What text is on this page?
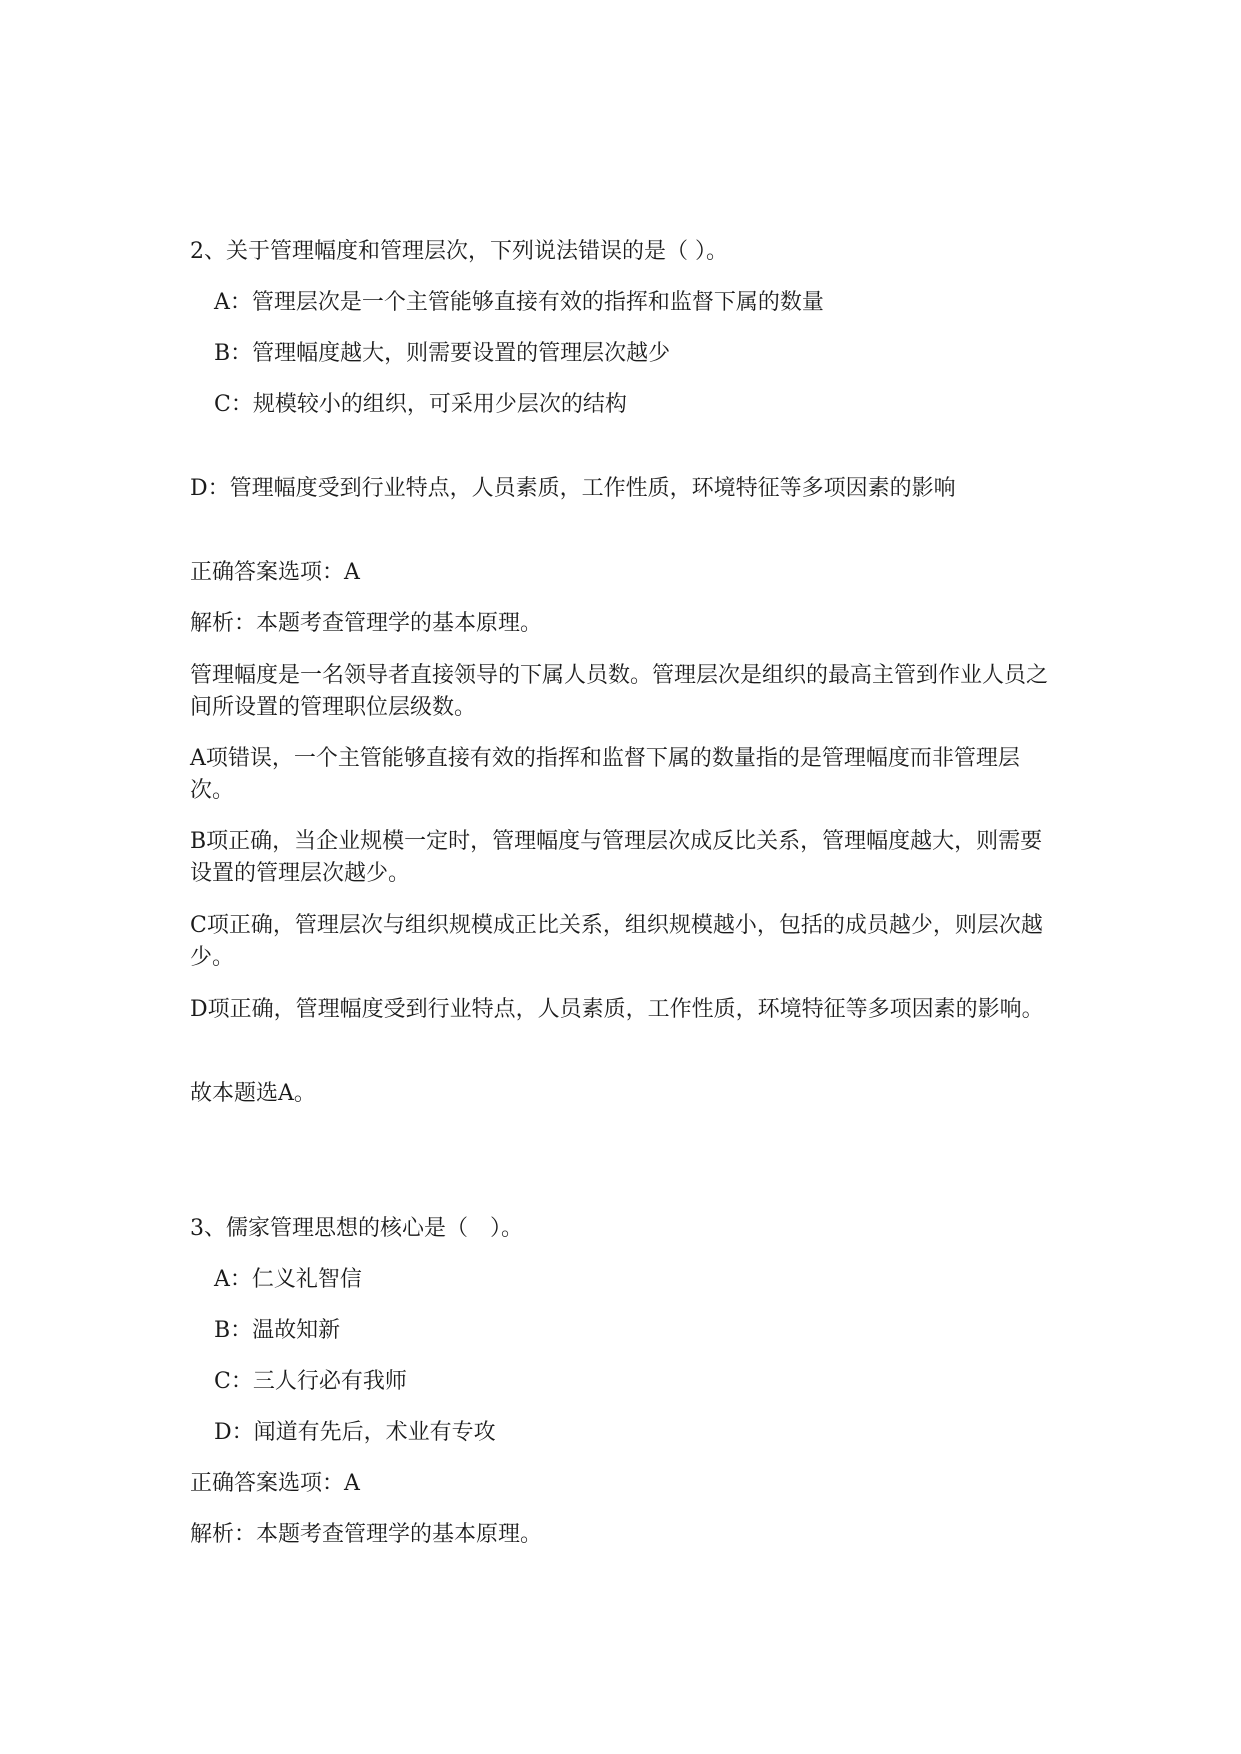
2、关于管理幅度和管理层次，下列说法错误的是（ ）。
A：管理层次是一个主管能够直接有效的指挥和监督下属的数量
B：管理幅度越大，则需要设置的管理层次越少
C：规模较小的组织，可采用少层次的结构
D：管理幅度受到行业特点，人员素质，工作性质，环境特征等多项因素的影响
正确答案选项：A
解析：本题考查管理学的基本原理。
管理幅度是一名领导者直接领导的下属人员数。管理层次是组织的最高主管到作业人员之间所设置的管理职位层级数。
A项错误，一个主管能够直接有效的指挥和监督下属的数量指的是管理幅度而非管理层次。
B项正确，当企业规模一定时，管理幅度与管理层次成反比关系，管理幅度越大，则需要设置的管理层次越少。
C项正确，管理层次与组织规模成正比关系，组织规模越小，包括的成员越少，则层次越少。
D项正确，管理幅度受到行业特点，人员素质，工作性质，环境特征等多项因素的影响。
故本题选A。
3、儒家管理思想的核心是（　）。
A：仁义礼智信
B：温故知新
C：三人行必有我师
D：闻道有先后，术业有专攻
正确答案选项：A
解析：本题考查管理学的基本原理。
